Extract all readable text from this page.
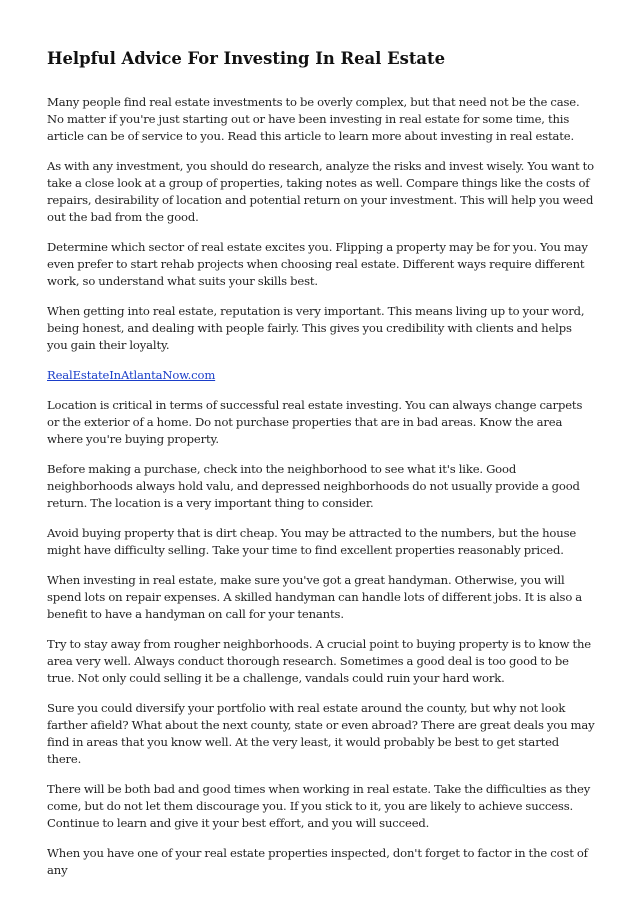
Helpful Advice For Investing In Real Estate

Many people find real estate investments to be overly complex, but that need not be the case. No matter if you're just starting out or have been investing in real estate for some time, this article can be of service to you. Read this article to learn more about investing in real estate.

As with any investment, you should do research, analyze the risks and invest wisely. You want to take a close look at a group of properties, taking notes as well. Compare things like the costs of repairs, desirability of location and potential return on your investment. This will help you weed out the bad from the good.

Determine which sector of real estate excites you. Flipping a property may be for you. You may even prefer to start rehab projects when choosing real estate. Different ways require different work, so understand what suits your skills best.

When getting into real estate, reputation is very important. This means living up to your word, being honest, and dealing with people fairly. This gives you credibility with clients and helps you gain their loyalty.

RealEstateInAtlantaNow.com

Location is critical in terms of successful real estate investing. You can always change carpets or the exterior of a home. Do not purchase properties that are in bad areas. Know the area where you're buying property.

Before making a purchase, check into the neighborhood to see what it's like. Good neighborhoods always hold valu, and depressed neighborhoods do not usually provide a good return. The location is a very important thing to consider.

Avoid buying property that is dirt cheap. You may be attracted to the numbers, but the house might have difficulty selling. Take your time to find excellent properties reasonably priced.

When investing in real estate, make sure you've got a great handyman. Otherwise, you will spend lots on repair expenses. A skilled handyman can handle lots of different jobs. It is also a benefit to have a handyman on call for your tenants.

Try to stay away from rougher neighborhoods. A crucial point to buying property is to know the area very well. Always conduct thorough research. Sometimes a good deal is too good to be true. Not only could selling it be a challenge, vandals could ruin your hard work.

Sure you could diversify your portfolio with real estate around the county, but why not look farther afield? What about the next county, state or even abroad? There are great deals you may find in areas that you know well. At the very least, it would probably be best to get started there.

There will be both bad and good times when working in real estate. Take the difficulties as they come, but do not let them discourage you. If you stick to it, you are likely to achieve success. Continue to learn and give it your best effort, and you will succeed.

When you have one of your real estate properties inspected, don't forget to factor in the cost of any
